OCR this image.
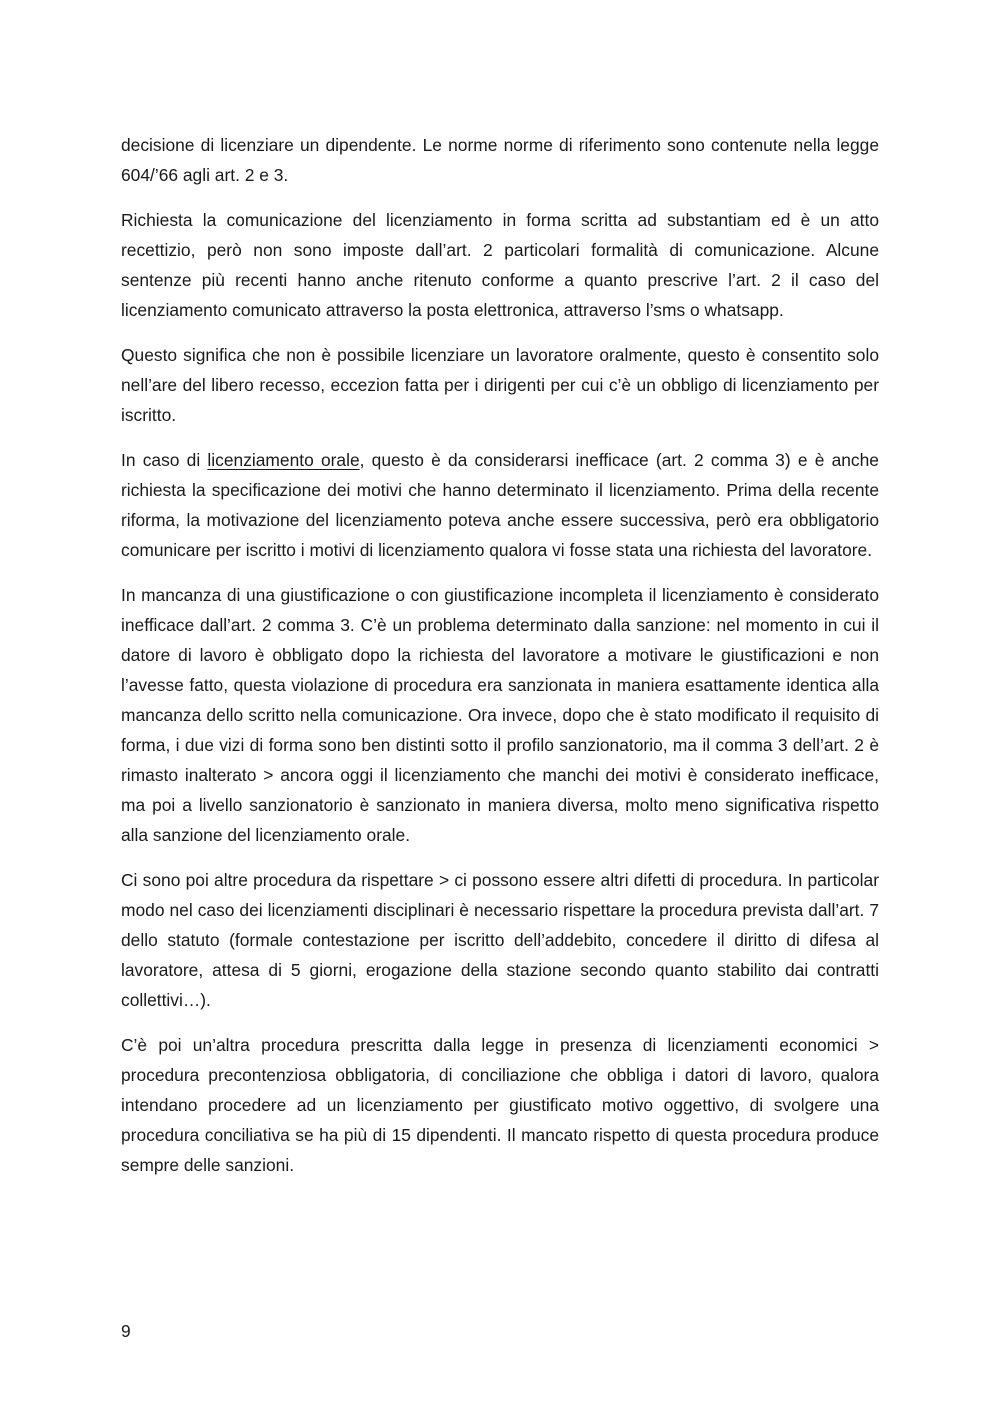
decisione di licenziare un dipendente. Le norme norme di riferimento sono contenute nella legge 604/’66 agli art. 2 e 3.

Richiesta la comunicazione del licenziamento in forma scritta ad substantiam ed è un atto recettizio, però non sono imposte dall’art. 2 particolari formalità di comunicazione. Alcune sentenze più recenti hanno anche ritenuto conforme a quanto prescrive l’art. 2 il caso del licenziamento comunicato attraverso la posta elettronica, attraverso l’sms o whatsapp.

Questo significa che non è possibile licenziare un lavoratore oralmente, questo è consentito solo nell’are del libero recesso, eccezion fatta per i dirigenti per cui c’è un obbligo di licenziamento per iscritto.

In caso di licenziamento orale, questo è da considerarsi inefficace (art. 2 comma 3) e è anche richiesta la specificazione dei motivi che hanno determinato il licenziamento. Prima della recente riforma, la motivazione del licenziamento poteva anche essere successiva, però era obbligatorio comunicare per iscritto i motivi di licenziamento qualora vi fosse stata una richiesta del lavoratore.

In mancanza di una giustificazione o con giustificazione incompleta il licenziamento è considerato inefficace dall’art. 2 comma 3. C’è un problema determinato dalla sanzione: nel momento in cui il datore di lavoro è obbligato dopo la richiesta del lavoratore a motivare le giustificazioni e non l’avesse fatto, questa violazione di procedura era sanzionata in maniera esattamente identica alla mancanza dello scritto nella comunicazione. Ora invece, dopo che è stato modificato il requisito di forma, i due vizi di forma sono ben distinti sotto il profilo sanzionatorio, ma il comma 3 dell’art. 2 è rimasto inalterato > ancora oggi il licenziamento che manchi dei motivi è considerato inefficace, ma poi a livello sanzionatorio è sanzionato in maniera diversa, molto meno significativa rispetto alla sanzione del licenziamento orale.

Ci sono poi altre procedura da rispettare > ci possono essere altri difetti di procedura. In particolar modo nel caso dei licenziamenti disciplinari è necessario rispettare la procedura prevista dall’art. 7 dello statuto (formale contestazione per iscritto dell’addebito, concedere il diritto di difesa al lavoratore, attesa di 5 giorni, erogazione della stazione secondo quanto stabilito dai contratti collettivi…).

C’è poi un’altra procedura prescritta dalla legge in presenza di licenziamenti economici > procedura precontenziosa obbligatoria, di conciliazione che obbliga i datori di lavoro, qualora intendano procedere ad un licenziamento per giustificato motivo oggettivo, di svolgere una procedura conciliativa se ha più di 15 dipendenti. Il mancato rispetto di questa procedura produce sempre delle sanzioni.

9
